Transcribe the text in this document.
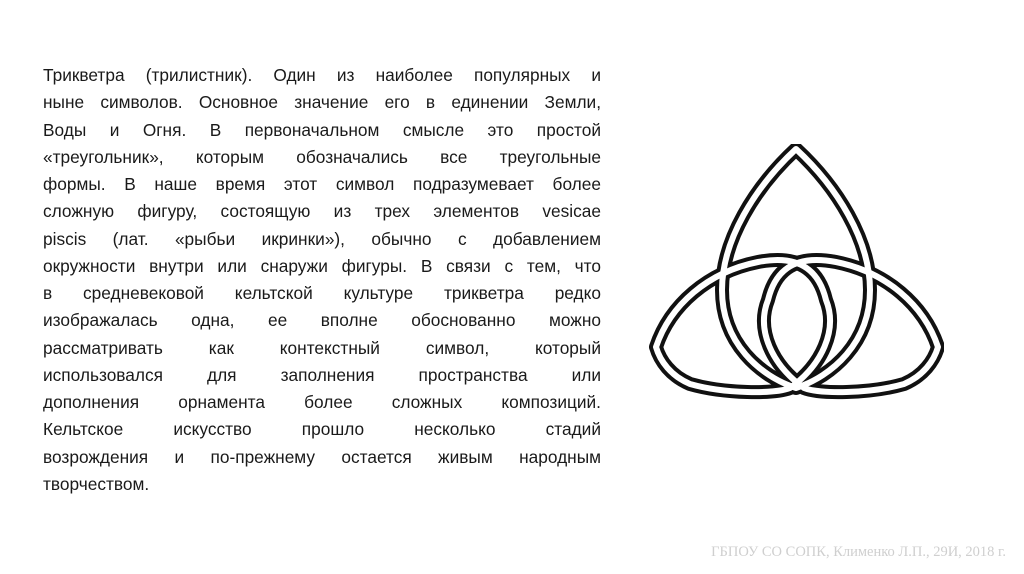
Трикветра (трилистник). Один из наиболее популярных и
ныне символов. Основное значение его в единении Земли,
Воды и Огня. В первоначальном смысле это простой
«треугольник», которым обозначались все треугольные
формы. В наше время этот символ подразумевает более
сложную фигуру, состоящую из трех элементов vesicae
piscis (лат. «рыбьи икринки»), обычно с добавлением
окружности внутри или снаружи фигуры. В связи с тем, что
в средневековой кельтской культуре трикветра редко
изображалась одна, ее вполне обоснованно можно
рассматривать как контекстный символ, который
использовался для заполнения пространства или
дополнения орнамента более сложных композиций.
Кельтское искусство прошло несколько стадий
возрождения и по-прежнему остается живым народным
творчеством.

ГБПОУ СО СОПК, Клименко Л.П., 29И, 2018 г.
